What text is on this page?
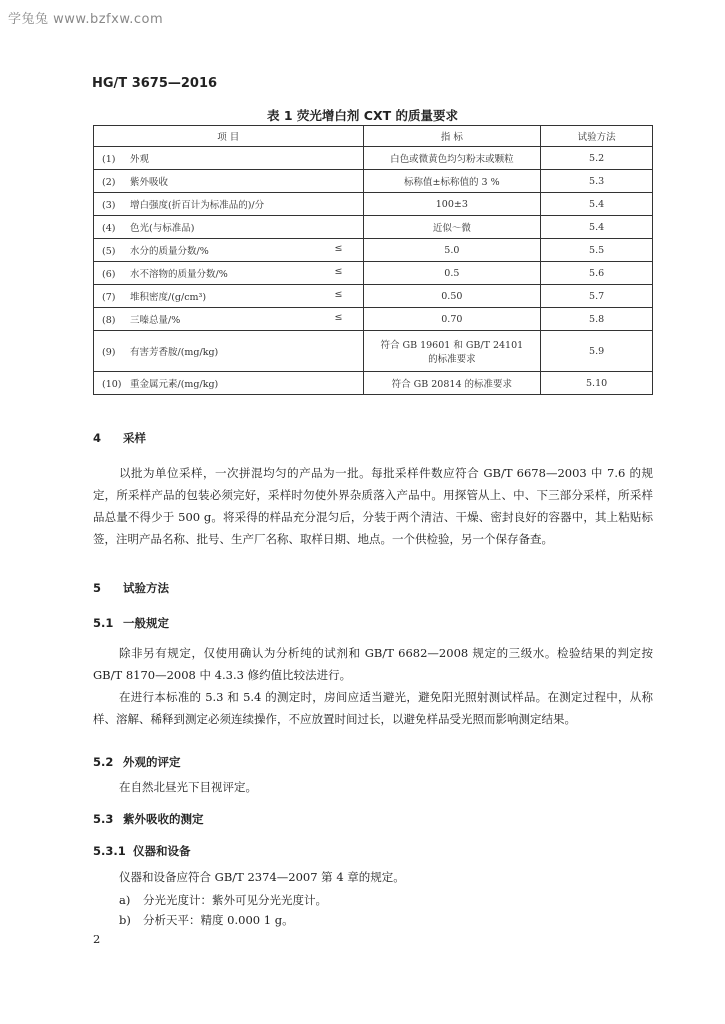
学兔兔 www.bzfxw.com
HG/T 3675—2016
表 1 荧光增白剂 CXT 的质量要求
项 目	指 标	试验方法
(1) 外观	白色或微黄色均匀粉末或颗粒	5.2
(2) 紫外吸收	标称值±标称值的 3 %	5.3
(3) 增白强度(折百计为标准品的)/分	100±3	5.4
(4) 色光(与标准品)	近似～微	5.4
(5) 水分的质量分数/% ≤	5.0	5.5
(6) 水不溶物的质量分数/% ≤	0.5	5.6
(7) 堆积密度/(g/cm³) ≤	0.50	5.7
(8) 三嗪总量/% ≤	0.70	5.8
(9) 有害芳香胺/(mg/kg)	符合 GB 19601 和 GB/T 24101
的标准要求	5.9
(10) 重金属元素/(mg/kg)	符合 GB 20814 的标准要求	5.10
4 采样
以批为单位采样，一次拼混均匀的产品为一批。每批采样件数应符合 GB/T 6678—2003 中 7.6 的规定，所采样产品的包装必须完好，采样时勿使外界杂质落入产品中。用探管从上、中、下三部分采样，所采样品总量不得少于 500 g。将采得的样品充分混匀后，分装于两个清洁、干燥、密封良好的容器中，其上粘贴标签，注明产品名称、批号、生产厂名称、取样日期、地点。一个供检验，另一个保存备查。
5 试验方法
5.1 一般规定
除非另有规定，仅使用确认为分析纯的试剂和 GB/T 6682—2008 规定的三级水。检验结果的判定按 GB/T 8170—2008 中 4.3.3 修约值比较法进行。
在进行本标准的 5.3 和 5.4 的测定时，房间应适当避光，避免阳光照射测试样品。在测定过程中，从称样、溶解、稀释到测定必须连续操作，不应放置时间过长，以避免样品受光照而影响测定结果。
5.2 外观的评定
在自然北昼光下目视评定。
5.3 紫外吸收的测定
5.3.1 仪器和设备
仪器和设备应符合 GB/T 2374—2007 第 4 章的规定。
a) 分光光度计：紫外可见分光光度计。
b) 分析天平：精度 0.000 1 g。
2
